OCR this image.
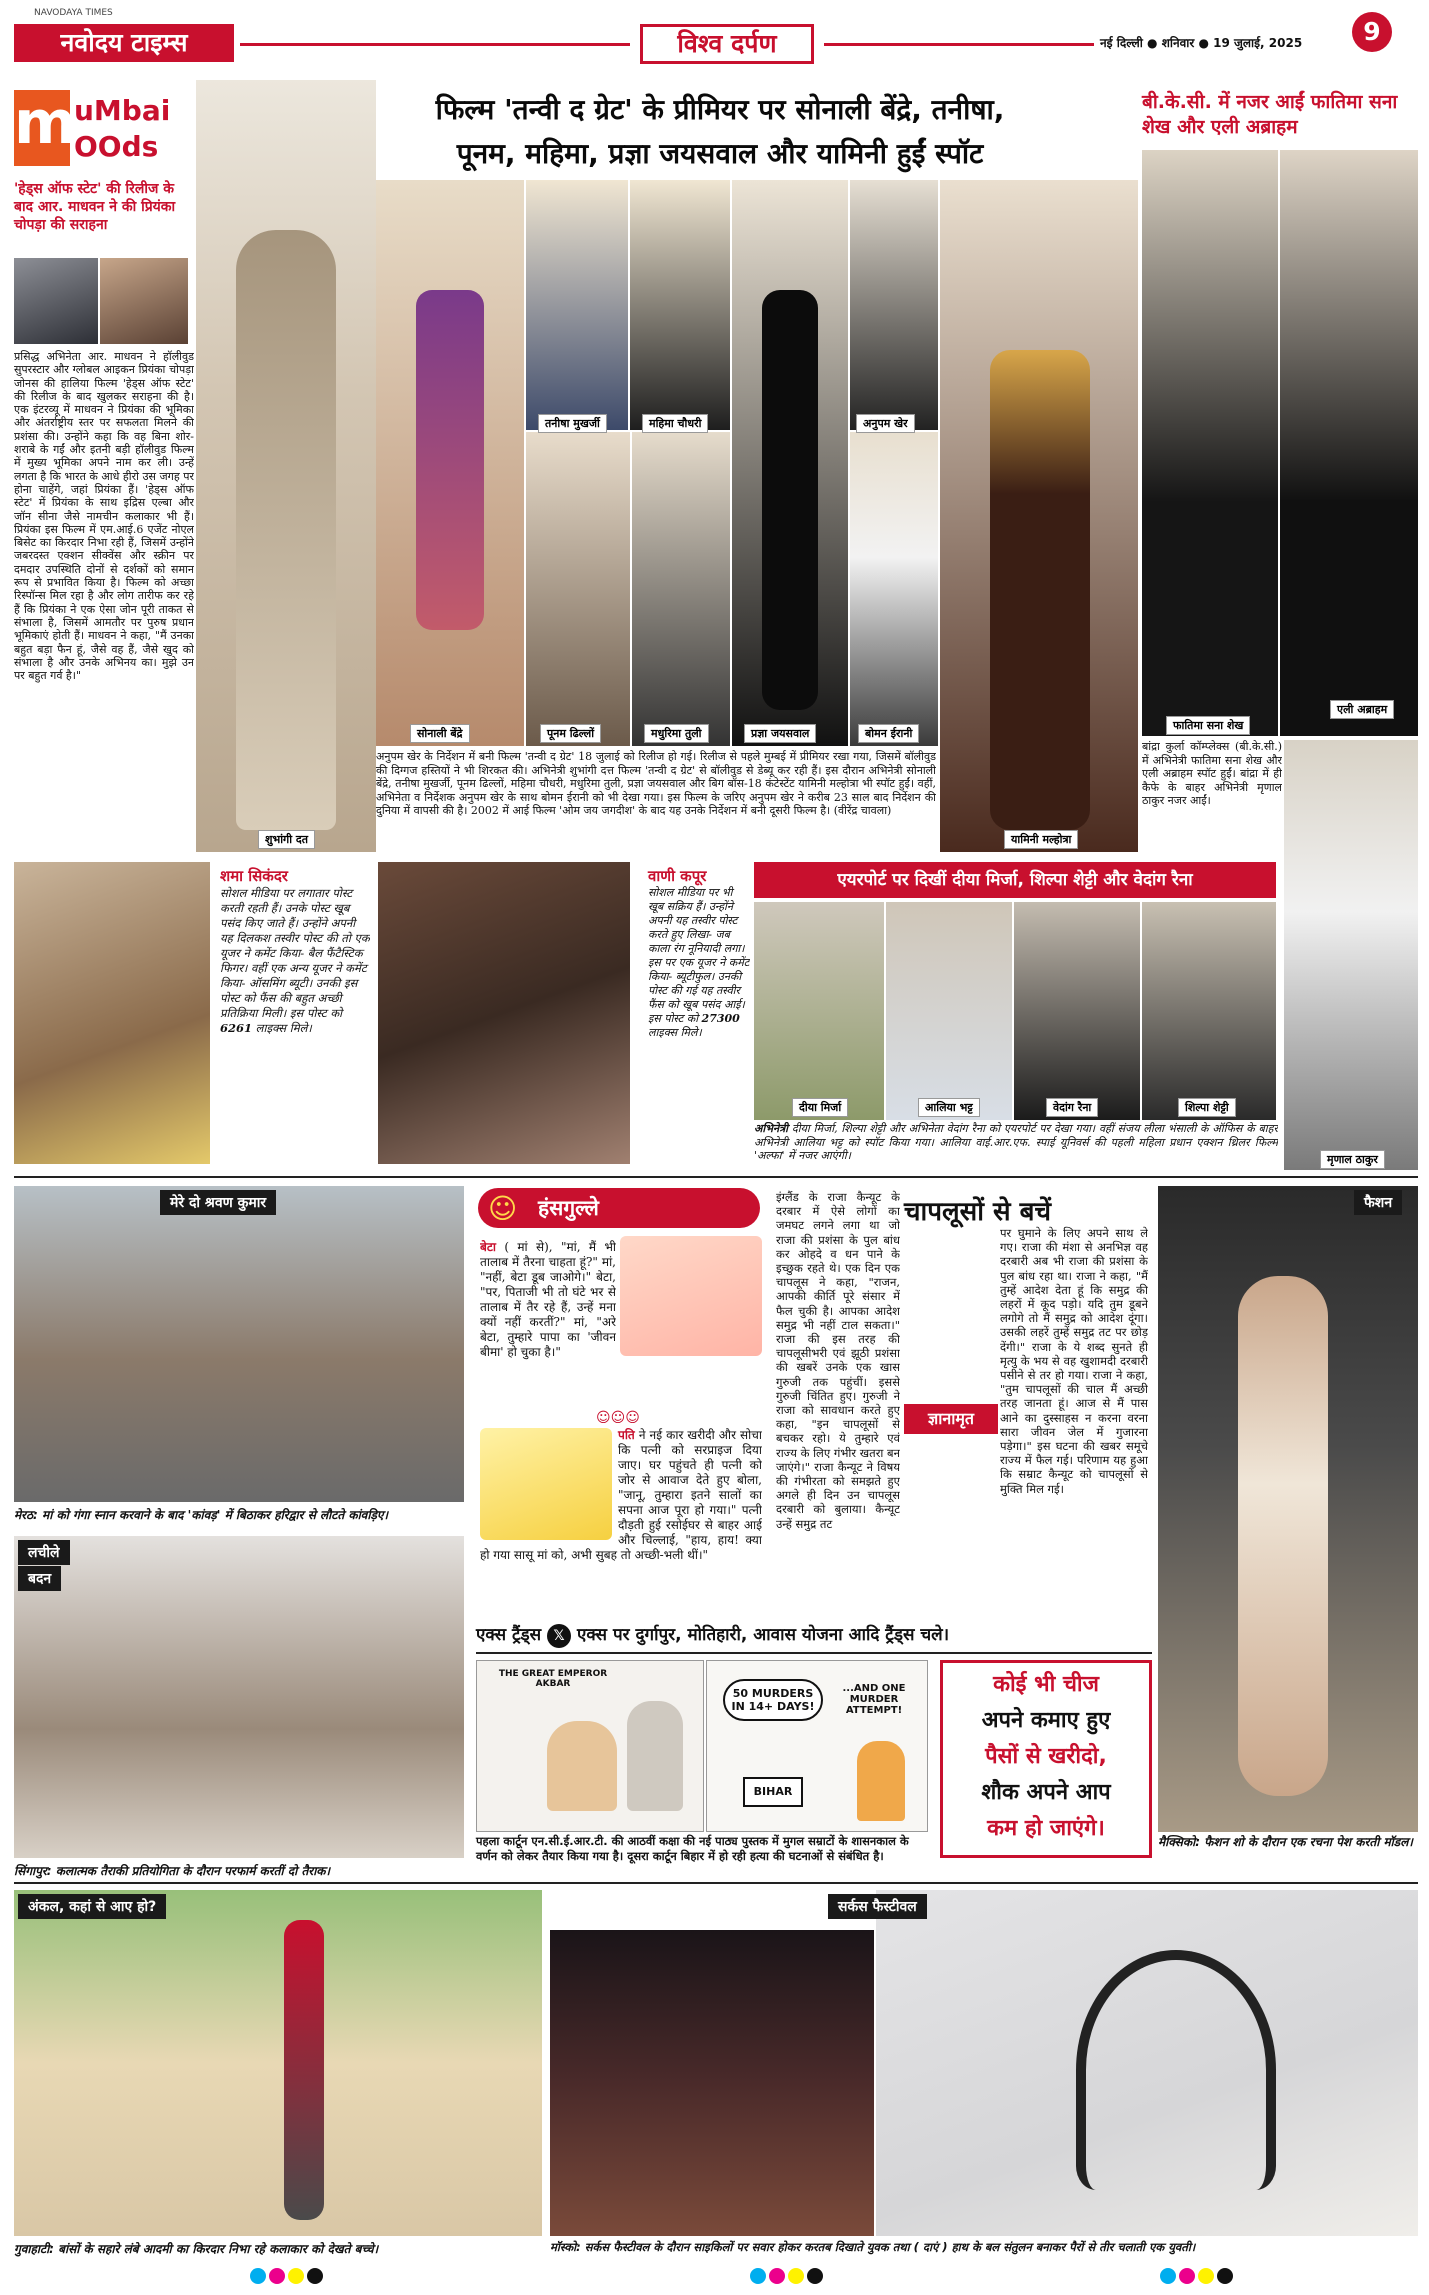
NAVODAYA TIMES
नवोदय टाइम्स	विश्व दर्पण	नई दिल्ली ● शनिवार ● 19 जुलाई, 2025	9
m
uMbai
OOds
'हेड्स ऑफ स्टेट' की रिलीज के बाद आर. माधवन ने की प्रियंका चोपड़ा की सराहना
प्रसिद्ध अभिनेता आर. माधवन ने हॉलीवुड सुपरस्टार और ग्लोबल आइकन प्रियंका चोपड़ा जोनस की हालिया फिल्म 'हेड्स ऑफ स्टेट' की रिलीज के बाद खुलकर सराहना की है। एक इंटरव्यू में माधवन ने प्रियंका की भूमिका और अंतर्राष्ट्रीय स्तर पर सफलता मिलने की प्रशंसा की। उन्होंने कहा कि वह बिना शोर-शराबे के गईं और इतनी बड़ी हॉलीवुड फिल्म में मुख्य भूमिका अपने नाम कर ली। उन्हें लगता है कि भारत के आधे हीरो उस जगह पर होना चाहेंगे, जहां प्रियंका हैं। 'हेड्स ऑफ स्टेट' में प्रियंका के साथ इद्रिस एल्बा और जॉन सीना जैसे नामचीन कलाकार भी हैं। प्रियंका इस फिल्म में एम.आई.6 एजेंट नोएल बिसेट का किरदार निभा रही हैं, जिसमें उन्होंने जबरदस्त एक्शन सीक्वेंस और स्क्रीन पर दमदार उपस्थिति दोनों से दर्शकों को समान रूप से प्रभावित किया है। फिल्म को अच्छा रिस्पॉन्स मिल रहा है और लोग तारीफ कर रहे हैं कि प्रियंका ने एक ऐसा जोन पूरी ताकत से संभाला है, जिसमें आमतौर पर पुरुष प्रधान भूमिकाएं होती हैं। माधवन ने कहा, "मैं उनका बहुत बड़ा फैन हूं, जैसे वह हैं, जैसे खुद को संभाला है और उनके अभिनय का। मुझे उन पर बहुत गर्व है।"
फिल्म 'तन्वी द ग्रेट' के प्रीमियर पर सोनाली बेंद्रे, तनीषा,
पूनम, महिमा, प्रज्ञा जयसवाल और यामिनी हुईं स्पॉट
शुभांगी दत
सोनाली बेंद्रे
तनीषा मुखर्जी	महिमा चौधरी	अनुपम खेर
पूनम ढिल्लों	मधुरिमा तुली	प्रज्ञा जयसवाल	बोमन ईरानी
यामिनी मल्होत्रा
अनुपम खेर के निर्देशन में बनी फिल्म 'तन्वी द ग्रेट' 18 जुलाई को रिलीज हो गई। रिलीज से पहले मुम्बई में प्रीमियर रखा गया, जिसमें बॉलीवुड की दिग्गज हस्तियों ने भी शिरकत की। अभिनेत्री शुभांगी दत्त फिल्म 'तन्वी द ग्रेट' से बॉलीवुड से डेब्यू कर रही हैं। इस दौरान अभिनेत्री सोनाली बेंद्रे, तनीषा मुखर्जी, पूनम ढिल्लों, महिमा चौधरी, मधुरिमा तुली, प्रज्ञा जयसवाल और बिग बॉस-18 कंटेस्टेंट यामिनी मल्होत्रा भी स्पॉट हुईं। वहीं, अभिनेता व निर्देशक अनुपम खेर के साथ बोमन ईरानी को भी देखा गया। इस फिल्म के जरिए अनुपम खेर ने करीब 23 साल बाद निर्देशन की दुनिया में वापसी की है। 2002 में आई फिल्म 'ओम जय जगदीश' के बाद यह उनके निर्देशन में बनी दूसरी फिल्म है। (वीरेंद्र चावला)
बी.के.सी. में नजर आईं फातिमा सना शेख और एली अब्राहम
फातिमा सना शेख
एली अब्राहम
बांद्रा कुर्ला कॉम्प्लेक्स (बी.के.सी.) में अभिनेत्री फातिमा सना शेख और एली अब्राहम स्पॉट हुईं। बांद्रा में ही कैफे के बाहर अभिनेत्री मृणाल ठाकुर नजर आईं।
मृणाल ठाकुर
शमा सिकंदर
सोशल मीडिया पर लगातार पोस्ट करती रहती हैं। उनके पोस्ट खूब पसंद किए जाते हैं। उन्होंने अपनी यह दिलकश तस्वीर पोस्ट की तो एक यूजर ने कमेंट किया- बैल फैंटैस्टिक फिगर। वहीं एक अन्य यूजर ने कमेंट किया- ऑसमिंग ब्यूटी। उनकी इस पोस्ट को फैंस की बहुत अच्छी प्रतिक्रिया मिली। इस पोस्ट को 6261 लाइक्स मिले।
वाणी कपूर
सोशल मीडिया पर भी खूब सक्रिय हैं। उन्होंने अपनी यह तस्वीर पोस्ट करते हुए लिखा- जब काला रंग नूनियादी लगा। इस पर एक यूजर ने कमेंट किया- ब्यूटीफुल। उनकी पोस्ट की गई यह तस्वीर फैंस को खूब पसंद आई। इस पोस्ट को 27300 लाइक्स मिले।
एयरपोर्ट पर दिखीं दीया मिर्जा, शिल्पा शेट्टी और वेदांग रैना
दीया मिर्जा	आलिया भट्ट	वेदांग रैना	शिल्पा शेट्टी
अभिनेत्री दीया मिर्जा, शिल्पा शेट्टी और अभिनेता वेदांग रैना को एयरपोर्ट पर देखा गया। वहीं संजय लीला भंसाली के ऑफिस के बाहर अभिनेत्री आलिया भट्ट को स्पॉट किया गया। आलिया वाई.आर.एफ. स्पाई यूनिवर्स की पहली महिला प्रधान एक्शन थ्रिलर फिल्म 'अल्फा' में नजर आएंगी।
मेरे दो श्रवण कुमार
मेरठ: मां को गंगा स्नान करवाने के बाद 'कांवड़' में बिठाकर हरिद्वार से लौटते कांवड़िए।
लचीले
बदन
सिंगापुर: कलात्मक तैराकी प्रतियोगिता के दौरान परफार्म करतीं दो तैराक।
☺ हंसगुल्ले
बेटा ( मां से), "मां, मैं भी तालाब में तैरना चाहता हूं?" मां, "नहीं, बेटा डूब जाओगे।" बेटा, "पर, पिताजी भी तो घंटे भर से तालाब में तैर रहे हैं, उन्हें मना क्यों नहीं करतीं?" मां, "अरे बेटा, तुम्हारे पापा का 'जीवन बीमा' हो चुका है।"
☺☺☺
पति ने नई कार खरीदी और सोचा कि पत्नी को सरप्राइज दिया जाए। घर पहुंचते ही पत्नी को जोर से आवाज देते हुए बोला, "जानू, तुम्हारा इतने सालों का सपना आज पूरा हो गया।" पत्नी दौड़ती हुई रसोईघर से बाहर आई और चिल्लाई, "हाय, हाय! क्या हो गया सासू मां को, अभी सुबह तो अच्छी-भली थीं।"
चापलूसों से बचें
इंग्लैंड के राजा कैन्यूट के दरबार में ऐसे लोगों का जमघट लगने लगा था जो राजा की प्रशंसा के पुल बांध कर ओहदे व धन पाने के इच्छुक रहते थे। एक दिन एक चापलूस ने कहा, "राजन, आपकी कीर्ति पूरे संसार में फैल चुकी है। आपका आदेश समुद्र भी नहीं टाल सकता।" राजा की इस तरह की चापलूसीभरी एवं झूठी प्रशंसा की खबरें उनके एक खास गुरुजी तक पहुंचीं। इससे गुरुजी चिंतित हुए। गुरुजी ने राजा को सावधान करते हुए कहा, "इन चापलूसों से बचकर रहो। ये तुम्हारे एवं राज्य के लिए गंभीर खतरा बन जाएंगे।" राजा कैन्यूट ने विषय की गंभीरता को समझते हुए अगले ही दिन उन चापलूस दरबारी को बुलाया। कैन्यूट उन्हें समुद्र तट
पर घुमाने के लिए अपने साथ ले गए। राजा की मंशा से अनभिज्ञ वह दरबारी अब भी राजा की प्रशंसा के पुल बांध रहा था। राजा ने कहा, "मैं तुम्हें आदेश देता हूं कि समुद्र की लहरों में कूद पड़ो। यदि तुम डूबने लगोगे तो मैं समुद्र को आदेश दूंगा। उसकी लहरें तुम्हें समुद्र तट पर छोड़ देंगी।" राजा के ये शब्द सुनते ही मृत्यु के भय से वह खुशामदी दरबारी पसीने से तर हो गया। राजा ने कहा, "तुम चापलूसों की चाल मैं अच्छी तरह जानता हूं। आज से मैं पास आने का दुस्साहस न करना वरना सारा जीवन जेल में गुजारना पड़ेगा।" इस घटना की खबर समूचे राज्य में फैल गई। परिणाम यह हुआ कि सम्राट कैन्यूट को चापलूसों से मुक्ति मिल गई।
ज्ञानामृत
फैशन
मैक्सिको: फैशन शो के दौरान एक रचना पेश करती मॉडल।
एक्स ट्रैंड्स 𝕏 एक्स पर दुर्गापुर, मोतिहारी, आवास योजना आदि ट्रैंड्स चले।
THE GREAT EMPEROR AKBAR
50 MURDERS IN 14+ DAYS!
...AND ONE MURDER ATTEMPT!
BIHAR
पहला कार्टून एन.सी.ई.आर.टी. की आठवीं कक्षा की नई पाठ्य पुस्तक में मुगल सम्राटों के शासनकाल के वर्णन को लेकर तैयार किया गया है। दूसरा कार्टून बिहार में हो रही हत्या की घटनाओं से संबंधित है।
कोई भी चीज
अपने कमाए हुए
पैसों से खरीदो,
शौक अपने आप
कम हो जाएंगे।
अंकल, कहां से आए हो?
गुवाहाटी: बांसों के सहारे लंबे आदमी का किरदार निभा रहे कलाकार को देखते बच्चे।
सर्कस फैस्टीवल
मॉस्को: सर्कस फैस्टीवल के दौरान साइकिलों पर सवार होकर करतब दिखाते युवक तथा ( दाएं ) हाथ के बल संतुलन बनाकर पैरों से तीर चलाती एक युवती।
